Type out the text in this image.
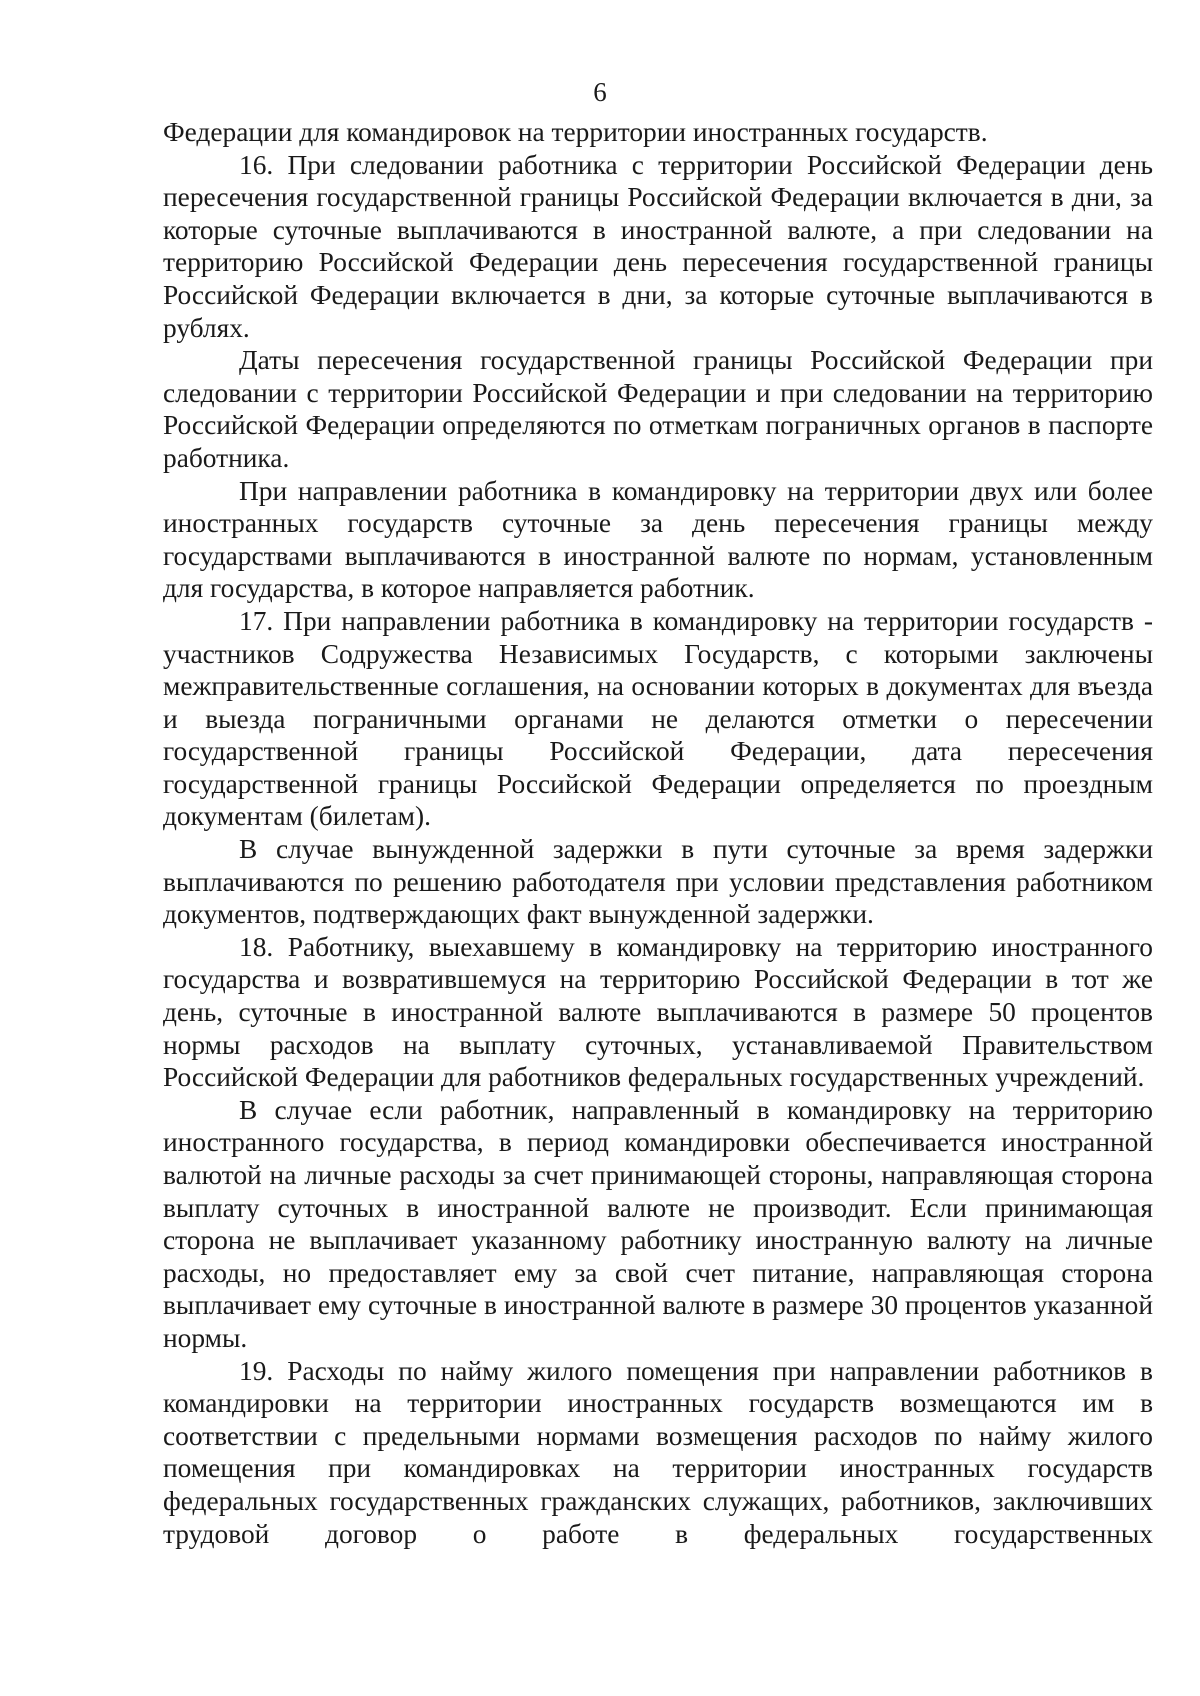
6

Федерации для командировок на территории иностранных государств.

16. При следовании работника с территории Российской Федерации день пересечения государственной границы Российской Федерации включается в дни, за которые суточные выплачиваются в иностранной валюте, а при следовании на территорию Российской Федерации день пересечения государственной границы Российской Федерации включается в дни, за которые суточные выплачиваются в рублях.

Даты пересечения государственной границы Российской Федерации при следовании с территории Российской Федерации и при следовании на территорию Российской Федерации определяются по отметкам пограничных органов в паспорте работника.

При направлении работника в командировку на территории двух или более иностранных государств суточные за день пересечения границы между государствами выплачиваются в иностранной валюте по нормам, установленным для государства, в которое направляется работник.

17. При направлении работника в командировку на территории государств - участников Содружества Независимых Государств, с которыми заключены межправительственные соглашения, на основании которых в документах для въезда и выезда пограничными органами не делаются отметки о пересечении государственной границы Российской Федерации, дата пересечения государственной границы Российской Федерации определяется по проездным документам (билетам).

В случае вынужденной задержки в пути суточные за время задержки выплачиваются по решению работодателя при условии представления работником документов, подтверждающих факт вынужденной задержки.

18. Работнику, выехавшему в командировку на территорию иностранного государства и возвратившемуся на территорию Российской Федерации в тот же день, суточные в иностранной валюте выплачиваются в размере 50 процентов нормы расходов на выплату суточных, устанавливаемой Правительством Российской Федерации для работников федеральных государственных учреждений.

В случае если работник, направленный в командировку на территорию иностранного государства, в период командировки обеспечивается иностранной валютой на личные расходы за счет принимающей стороны, направляющая сторона выплату суточных в иностранной валюте не производит. Если принимающая сторона не выплачивает указанному работнику иностранную валюту на личные расходы, но предоставляет ему за свой счет питание, направляющая сторона выплачивает ему суточные в иностранной валюте в размере 30 процентов указанной нормы.

19. Расходы по найму жилого помещения при направлении работников в командировки на территории иностранных государств возмещаются им в соответствии с предельными нормами возмещения расходов по найму жилого помещения при командировках на территории иностранных государств федеральных государственных гражданских служащих, работников, заключивших трудовой договор о работе в федеральных государственных
